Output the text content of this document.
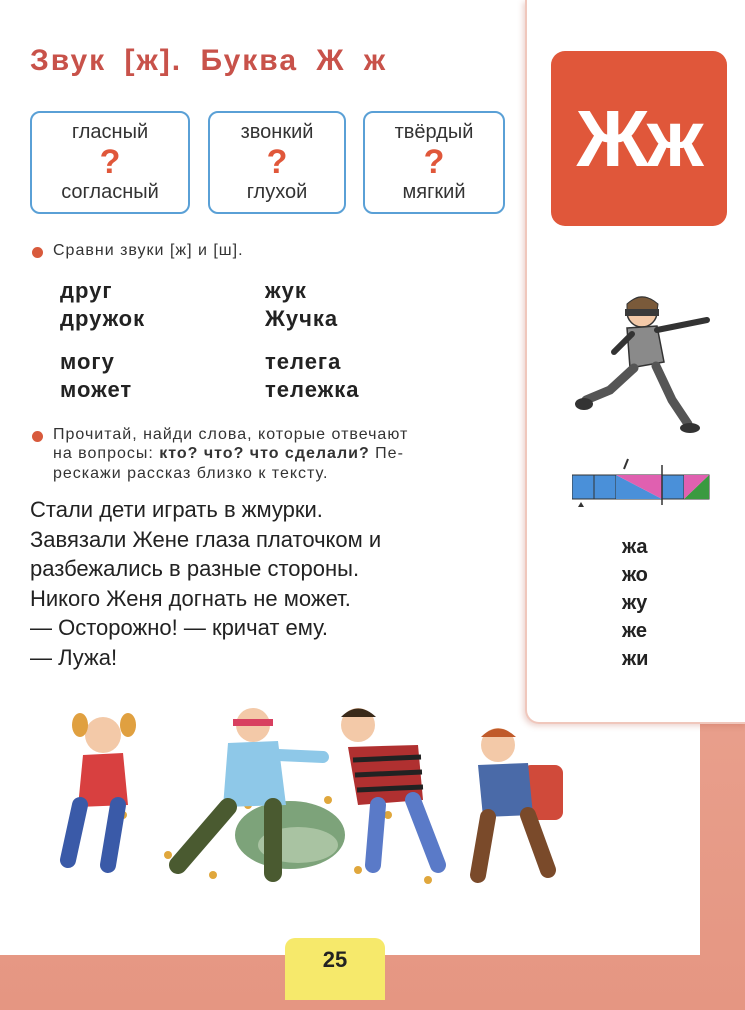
Звук [ж]. Буква Ж ж
гласный
?
согласный
звонкий
?
глухой
твёрдый
?
мягкий
Сравни звуки [ж] и [ш].
друг	жук
дружок	Жучка
могу	телега
может	тележка
Прочитай, найди слова, которые отвечают
на вопросы: кто? что? что сделали? Пе-
рескажи рассказ близко к тексту.
Стали дети играть в жмурки.
Завязали Жене глаза платочком и
разбежались в разные стороны.
Никого Женя догнать не может.
— Осторожно! — кричат ему.
— Лужа!
Жж
жа
жо
жу
же
жи
25
